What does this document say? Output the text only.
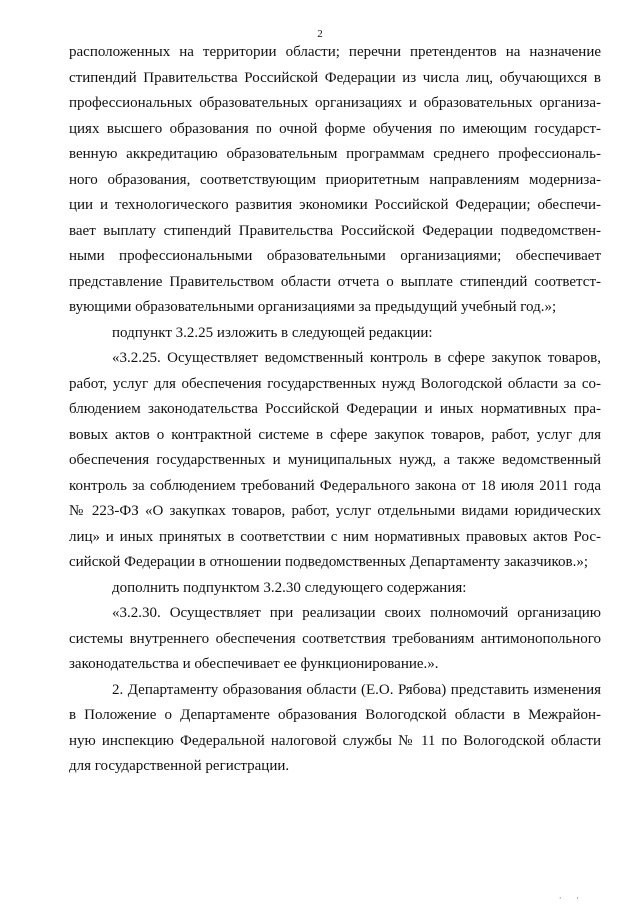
2
расположенных на территории области; перечни претендентов на назначение
стипендий Правительства Российской Федерации из числа лиц, обучающихся в
профессиональных образовательных организациях и образовательных организа-
циях высшего образования по очной форме обучения по имеющим государст-
венную аккредитацию образовательным программам среднего профессиональ-
ного образования, соответствующим приоритетным направлениям модерниза-
ции и технологического развития экономики Российской Федерации; обеспечи-
вает выплату стипендий Правительства Российской Федерации подведомствен-
ными профессиональными образовательными организациями; обеспечивает
представление Правительством области отчета о выплате стипендий соответст-
вующими образовательными организациями за предыдущий учебный год.»;
подпункт 3.2.25 изложить в следующей редакции:
«3.2.25. Осуществляет ведомственный контроль в сфере закупок товаров,
работ, услуг для обеспечения государственных нужд Вологодской области за со-
блюдением законодательства Российской Федерации и иных нормативных пра-
вовых актов о контрактной системе в сфере закупок товаров, работ, услуг для
обеспечения государственных и муниципальных нужд, а также ведомственный
контроль за соблюдением требований Федерального закона от 18 июля 2011 года
№ 223-ФЗ «О закупках товаров, работ, услуг отдельными видами юридических
лиц» и иных принятых в соответствии с ним нормативных правовых актов Рос-
сийской Федерации в отношении подведомственных Департаменту заказчиков.»;
дополнить подпунктом 3.2.30 следующего содержания:
«3.2.30. Осуществляет при реализации своих полномочий организацию
системы внутреннего обеспечения соответствия требованиям антимонопольного
законодательства и обеспечивает ее функционирование.».
2. Департаменту образования области (Е.О. Рябова) представить изменения
в Положение о Департаменте образования Вологодской области в Межрайон-
ную инспекцию Федеральной налоговой службы № 11 по Вологодской области
для государственной регистрации.
· ·
